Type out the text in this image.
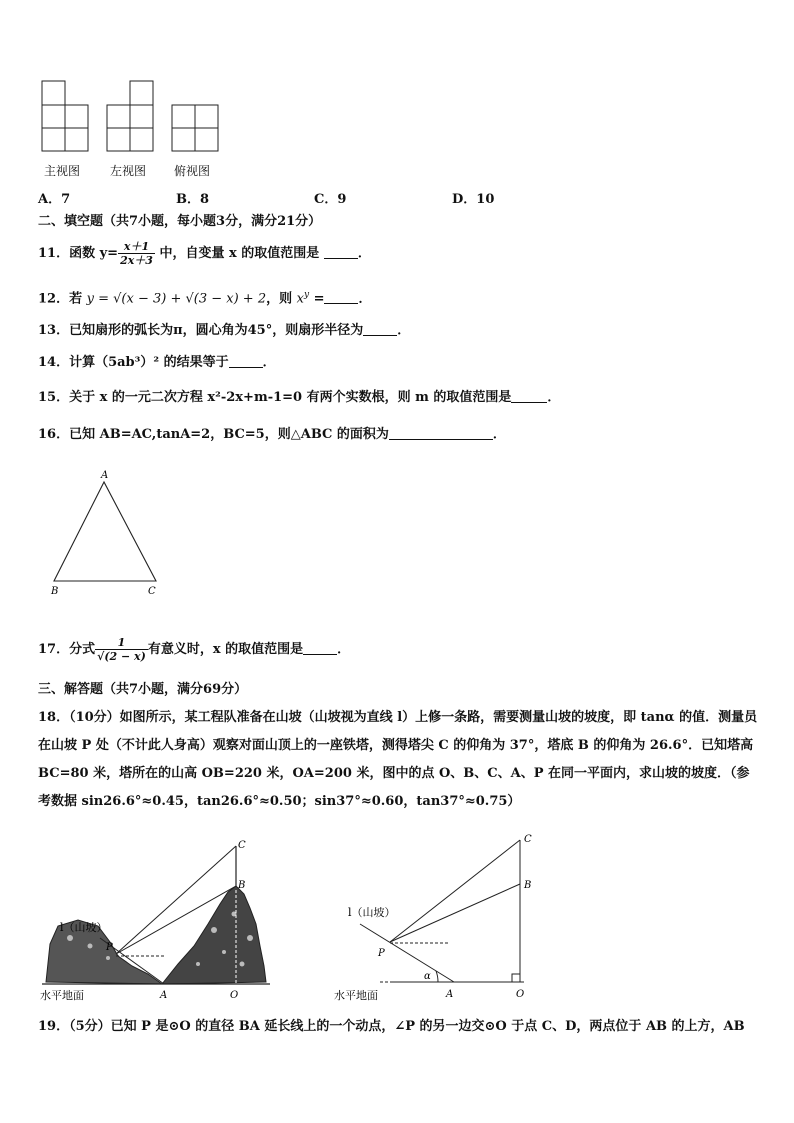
主视图 左视图 俯视图
A．7	B．8	C．9	D．10
二、填空题（共7小题，每小题3分，满分21分）
11．函数 $y= \frac{x+1}{2x+3}$ 中，自变量 x 的取值范围是	．
12．若 y = √(x − 3) + √(3 − x) + 2，则 $x^y$ =	．
13．已知扇形的弧长为π，圆心角为45°，则扇形半径为	．
14．计算（5ab³）² 的结果等于	．
15．关于 x 的一元二次方程 x²-2x+m-1=0 有两个实数根，则 m 的取值范围是	．
16．已知 AB=AC,tanA=2，BC=5，则△ABC 的面积为	．
A
B	C
17．分式 $\frac{1}{√(2 - x)}$ 有意义时，x 的取值范围是	．
三、解答题（共7小题，满分69分）
18．（10分）如图所示，某工程队准备在山坡（山坡视为直线 l）上修一条路，需要测量山坡的坡度，即 tanα 的值．测量员在山坡 P 处（不计此人身高）观察对面山顶上的一座铁塔，测得塔尖 C 的仰角为 37°，塔底 B 的仰角为 26.6°．已知塔高 BC=80 米，塔所在的山高 OB=220 米，OA=200 米，图中的点 O、B、C、A、P 在同一平面内，求山坡的坡度．（参考数据 sin26.6°≈0.45，tan26.6°≈0.50；sin37°≈0.60，tan37°≈0.75）
l（山坡）
P
C
B
A	O
水平地面
l（山坡）
P
C
B
α
A	O
水平地面
19．（5分）已知 P 是⊙O 的直径 BA 延长线上的一个动点，∠P 的另一边交⊙O 于点 C、D，两点位于 AB 的上方，AB
